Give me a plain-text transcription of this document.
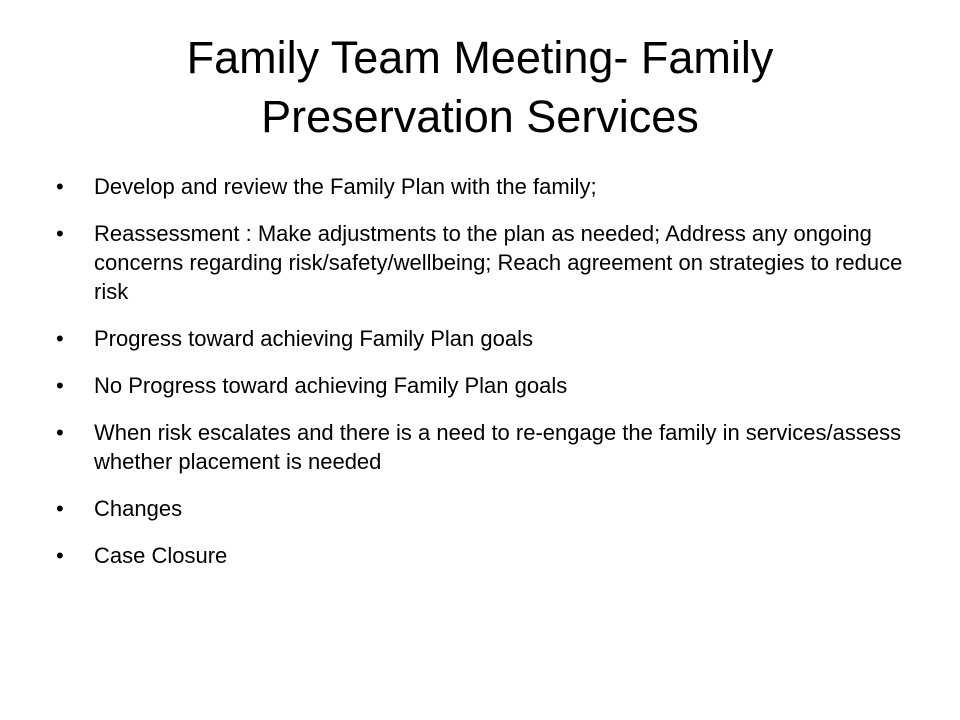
Family Team Meeting- Family Preservation Services
• Develop and review the Family Plan with the family;
• Reassessment : Make adjustments to the plan as needed; Address any ongoing concerns regarding risk/safety/wellbeing; Reach agreement on strategies to reduce risk
• Progress toward achieving Family Plan goals
• No Progress toward achieving Family Plan goals
• When risk escalates and there is a need to re-engage the family in services/assess whether placement is needed
• Changes
• Case Closure
